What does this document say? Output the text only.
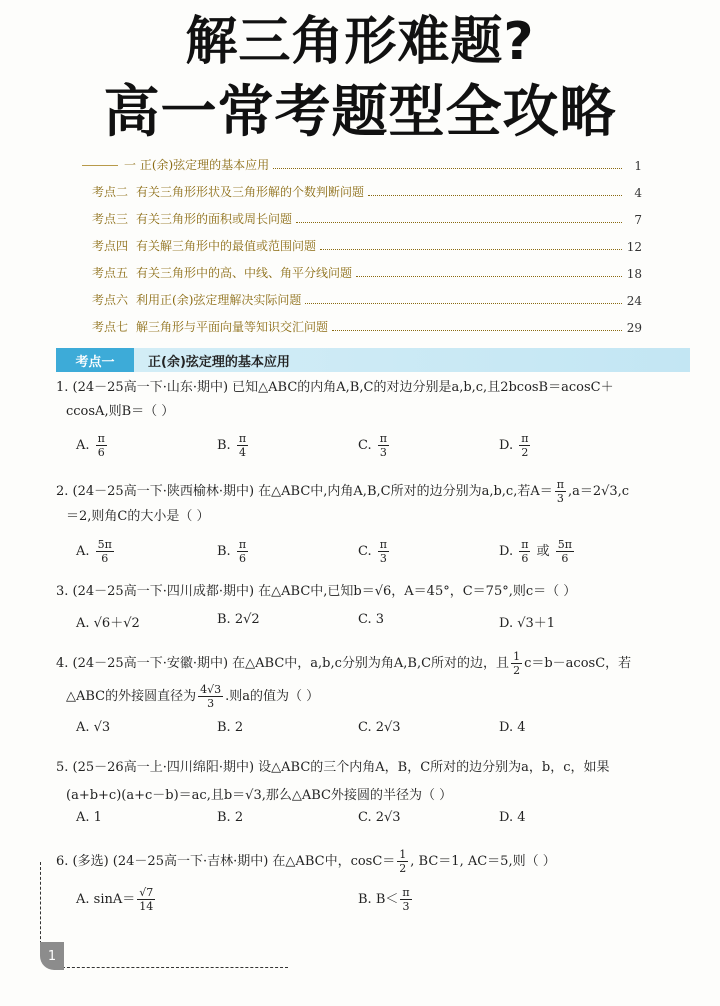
解三角形难题?
高一常考题型全攻略
一 正(余)弦定理的基本应用	1
考点二 有关三角形形状及三角形解的个数判断问题	4
考点三 有关三角形的面积或周长问题	7
考点四 有关解三角形中的最值或范围问题	12
考点五 有关三角形中的高、中线、角平分线问题	18
考点六 利用正(余)弦定理解决实际问题	24
考点七 解三角形与平面向量等知识交汇问题	29
考点一	正(余)弦定理的基本应用
1. (24－25高一下·山东·期中) 已知△ABC的内角A,B,C的对边分别是a,b,c,且2bcosB＝acosC＋
ccosA,则B＝（ ）
A. $\frac{\pi}{6}$	B. $\frac{\pi}{4}$	C. $\frac{\pi}{3}$	D. $\frac{\pi}{2}$
2. (24－25高一下·陕西榆林·期中) 在△ABC中,内角A,B,C所对的边分别为a,b,c,若$A= \frac{\pi}{3} ,a=2√3,c$
＝2,则角C的大小是（ ）
A. $\frac{5\pi}{6}$	B. $\frac{\pi}{6}$	C. $\frac{\pi}{3}$	D. $\frac{\pi}{6}$ 或 $\frac{5\pi}{6}$
3. (24－25高一下·四川成都·期中) 在△ABC中,已知b＝√6，A＝45°，C＝75°,则c＝（ ）
A. √6＋√2	B. 2√2	C. 3	D. √3＋1
4. (24－25高一下·安徽·期中) 在△ABC中，a,b,c分别为角A,B,C所对的边，且 $\frac{1}{2} c=b-acosC$，若
△ABC的外接圆直径为 $\frac{4√3}{3}$ .则a的值为（ ）
A. √3	B. 2	C. 2√3	D. 4
5. (25－26高一上·四川绵阳·期中) 设△ABC的三个内角A，B，C所对的边分别为a，b，c，如果
(a+b+c)(a+c－b)＝ac,且b＝√3,那么△ABC外接圆的半径为（ ）
A. 1	B. 2	C. 2√3	D. 4
6. (多选) (24－25高一下·吉林·期中) 在△ABC中，$\cos C= \frac{1}{2}$ , BC＝1, AC＝5,则（ ）
A. $\sin A= \frac{√7}{14}$	B. $B< \frac{\pi}{3}$
1
